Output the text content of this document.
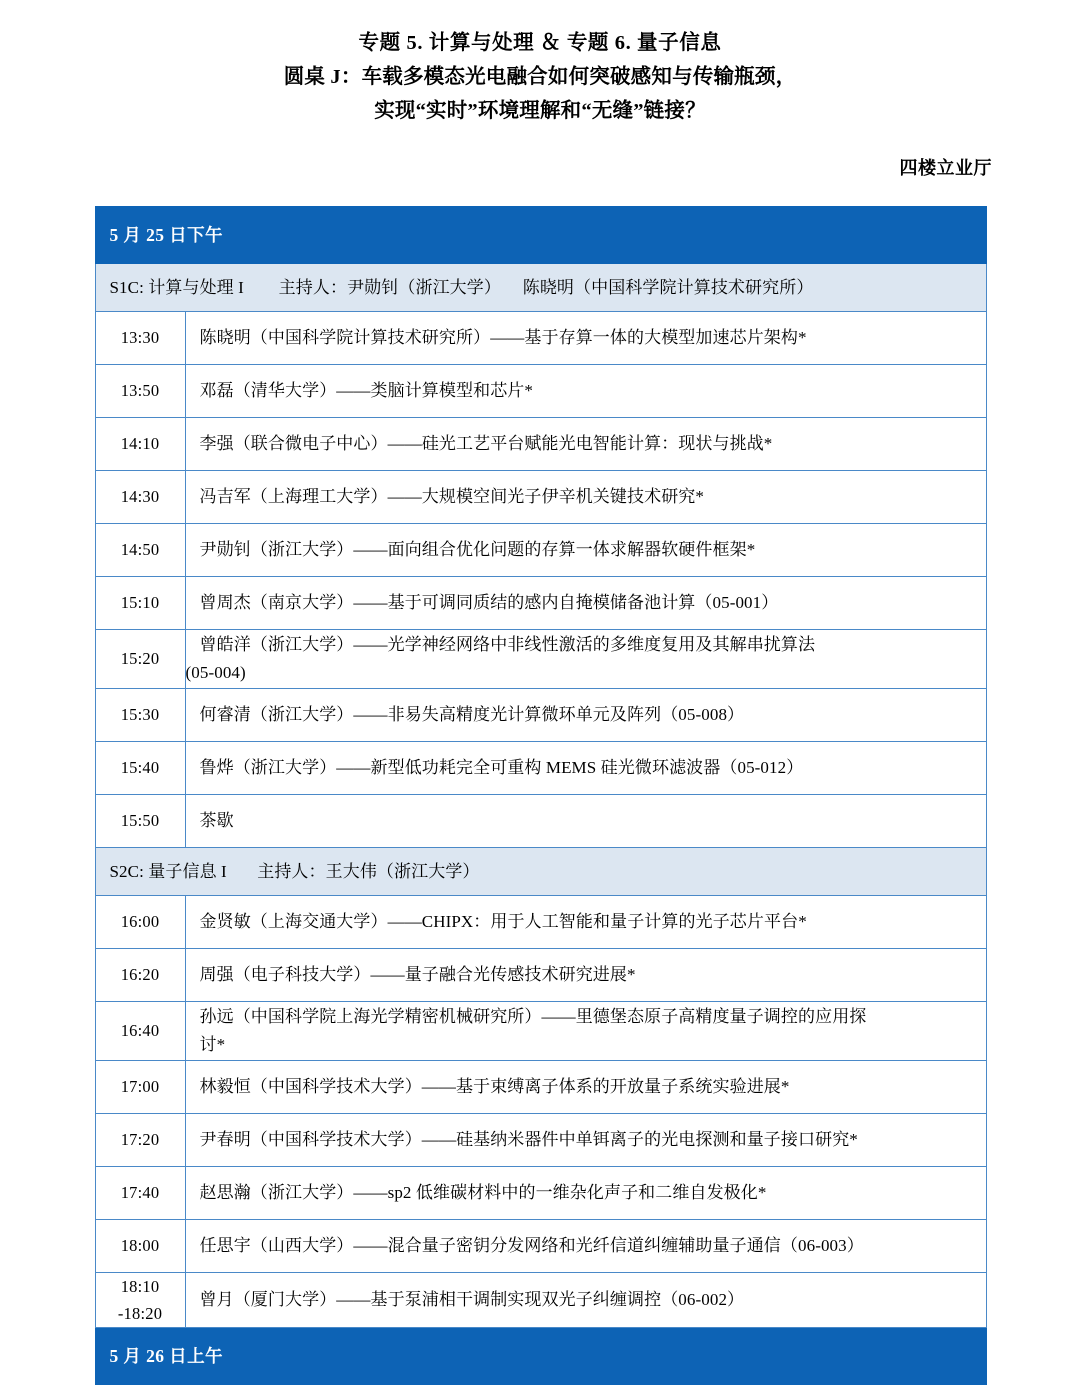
专题 5. 计算与处理 ＆ 专题 6. 量子信息
圆桌 J：车载多模态光电融合如何突破感知与传输瓶颈，
实现“实时”环境理解和“无缝”链接？
四楼立业厅
5 月 25 日下午	
S1C: 计算与处理 I        主持人：尹勋钊（浙江大学）     陈晓明（中国科学院计算技术研究所）	
13:30	陈晓明（中国科学院计算技术研究所）——基于存算一体的大模型加速芯片架构*

13:50	邓磊（清华大学）——类脑计算模型和芯片*

14:10	李强（联合微电子中心）——硅光工艺平台赋能光电智能计算：现状与挑战*

14:30	冯吉军（上海理工大学）——大规模空间光子伊辛机关键技术研究*

14:50	尹勋钊（浙江大学）——面向组合优化问题的存算一体求解器软硬件框架*

15:10	曾周杰（南京大学）——基于可调同质结的感内自掩模储备池计算（05-001）

15:20	曾皓洋（浙江大学）——光学神经网络中非线性激活的多维度复用及其解串扰算法
(05-004)

15:30	何睿清（浙江大学）——非易失高精度光计算微环单元及阵列（05-008）

15:40	鲁烨（浙江大学）——新型低功耗完全可重构 MEMS 硅光微环滤波器（05-012）

15:50	茶歇

S2C: 量子信息 I       主持人：王大伟（浙江大学）	
16:00	金贤敏（上海交通大学）——CHIPX：用于人工智能和量子计算的光子芯片平台*

16:20	周强（电子科技大学）——量子融合光传感技术研究进展*

16:40	孙远（中国科学院上海光学精密机械研究所）——里德堡态原子高精度量子调控的应用探
讨*

17:00	林毅恒（中国科学技术大学）——基于束缚离子体系的开放量子系统实验进展*

17:20	尹春明（中国科学技术大学）——硅基纳米器件中单铒离子的光电探测和量子接口研究*

17:40	赵思瀚（浙江大学）——sp2 低维碳材料中的一维杂化声子和二维自发极化*

18:00	任思宇（山西大学）——混合量子密钥分发网络和光纤信道纠缠辅助量子通信（06-003）

18:10
-18:20	曾月（厦门大学）——基于泵浦相干调制实现双光子纠缠调控（06-002）

5 月 26 日上午	
